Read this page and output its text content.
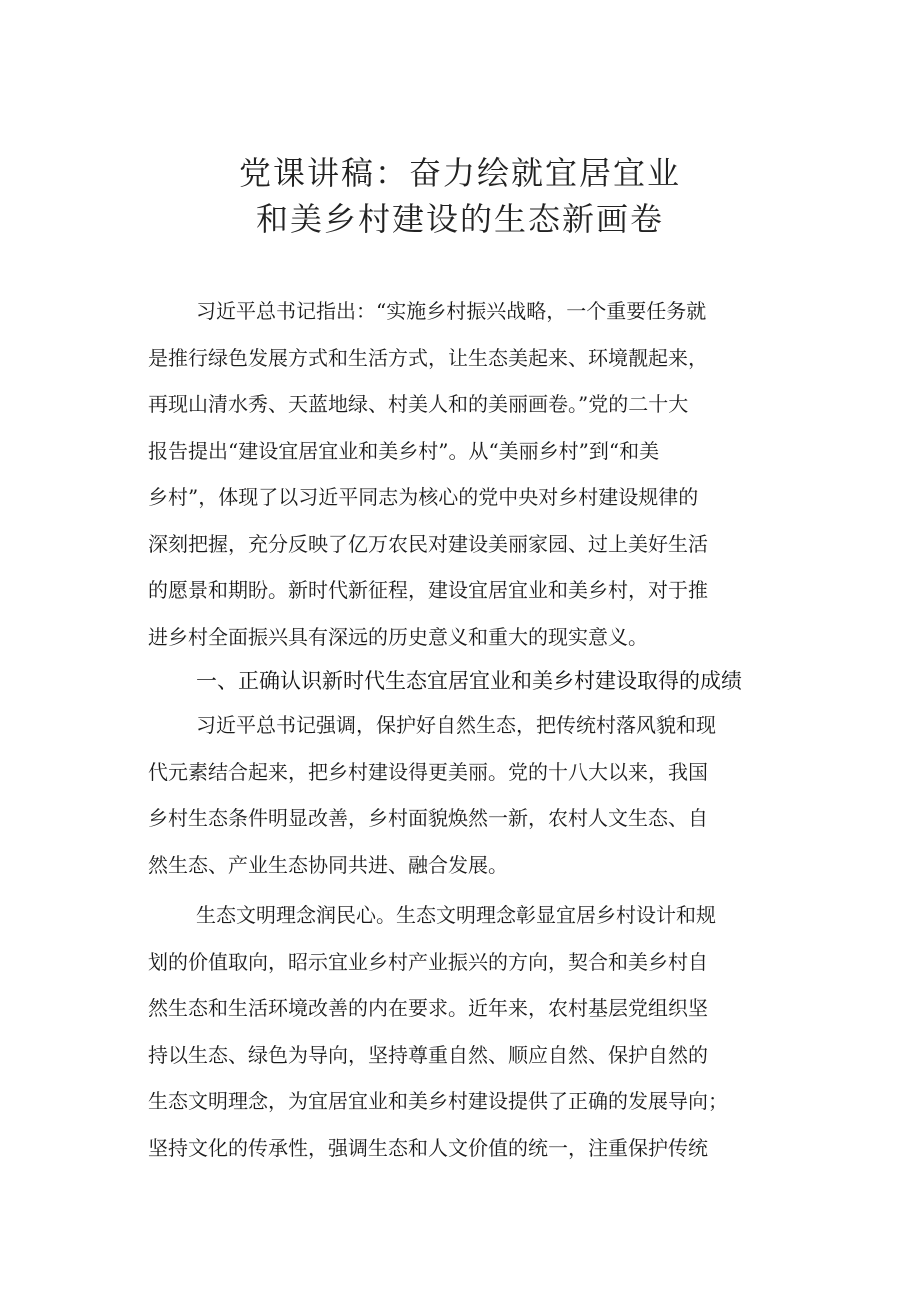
党课讲稿：奋力绘就宜居宜业
和美乡村建设的生态新画卷
习近平总书记指出：“实施乡村振兴战略，一个重要任务就
是推行绿色发展方式和生活方式，让生态美起来、环境靓起来，
再现山清水秀、天蓝地绿、村美人和的美丽画卷。”党的二十大
报告提出“建设宜居宜业和美乡村”。从“美丽乡村”到“和美
乡村”，体现了以习近平同志为核心的党中央对乡村建设规律的
深刻把握，充分反映了亿万农民对建设美丽家园、过上美好生活
的愿景和期盼。新时代新征程，建设宜居宜业和美乡村，对于推
进乡村全面振兴具有深远的历史意义和重大的现实意义。
一、正确认识新时代生态宜居宜业和美乡村建设取得的成绩
习近平总书记强调，保护好自然生态，把传统村落风貌和现
代元素结合起来，把乡村建设得更美丽。党的十八大以来，我国
乡村生态条件明显改善，乡村面貌焕然一新，农村人文生态、自
然生态、产业生态协同共进、融合发展。
生态文明理念润民心。生态文明理念彰显宜居乡村设计和规
划的价值取向，昭示宜业乡村产业振兴的方向，契合和美乡村自
然生态和生活环境改善的内在要求。近年来，农村基层党组织坚
持以生态、绿色为导向，坚持尊重自然、顺应自然、保护自然的
生态文明理念，为宜居宜业和美乡村建设提供了正确的发展导向；
坚持文化的传承性，强调生态和人文价值的统一，注重保护传统
